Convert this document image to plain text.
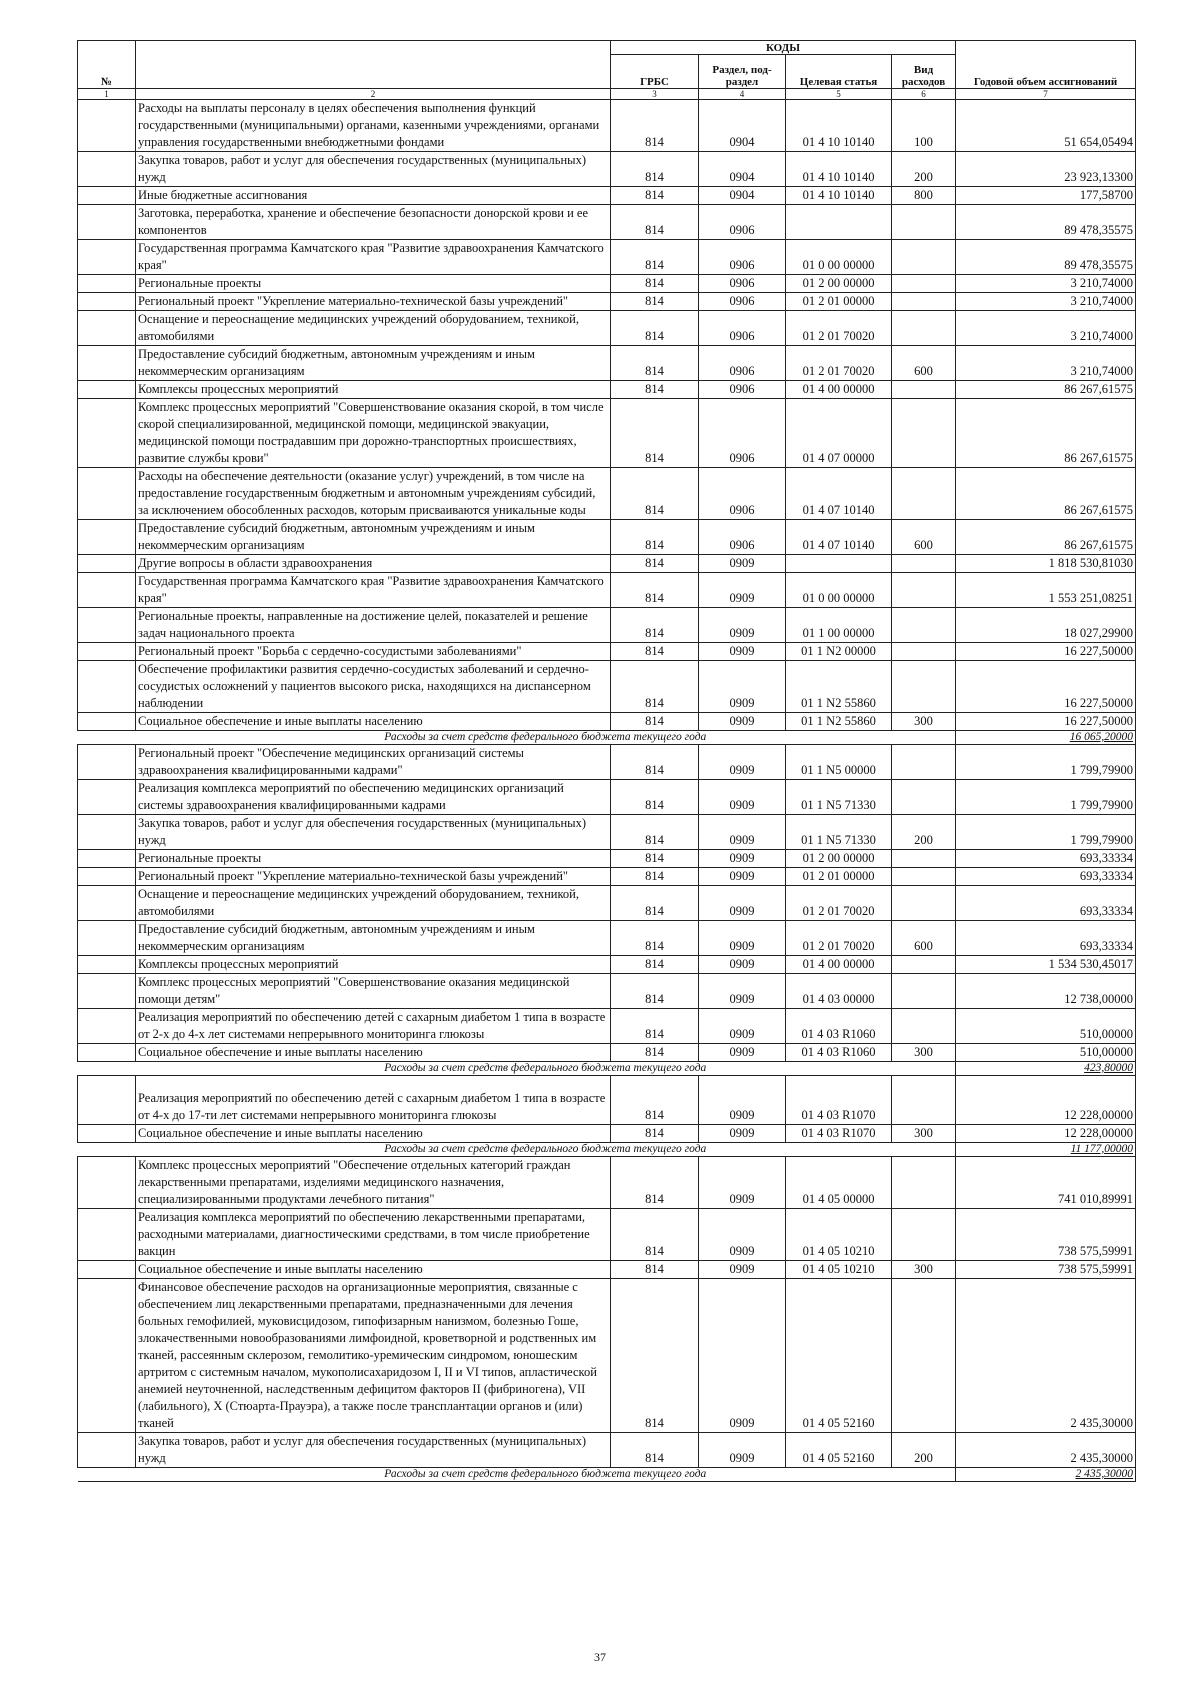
№		КОДЫ				Годовой объем ассигнований
		ГРБС	Раздел, под-раздел	Целевая статья	Вид расходов	
1	2	3	4	5	6	7
	Расходы на выплаты персоналу в целях обеспечения выполнения функций государственными (муниципальными) органами, казенными учреждениями, органами управления государственными внебюджетными фондами	814	0904	01 4 10 10140	100	51 654,05494
	Закупка товаров, работ и услуг для обеспечения государственных (муниципальных) нужд	814	0904	01 4 10 10140	200	23 923,13300
	Иные бюджетные ассигнования	814	0904	01 4 10 10140	800	177,58700
	Заготовка, переработка, хранение и обеспечение безопасности донорской крови и ее компонентов	814	0906			89 478,35575
	Государственная программа Камчатского края "Развитие здравоохранения Камчатского края"	814	0906	01 0 00 00000		89 478,35575
	Региональные проекты	814	0906	01 2 00 00000		3 210,74000
	Региональный проект "Укрепление материально-технической базы учреждений"	814	0906	01 2 01 00000		3 210,74000
	Оснащение и переоснащение медицинских учреждений оборудованием, техникой, автомобилями	814	0906	01 2 01 70020		3 210,74000
	Предоставление субсидий бюджетным, автономным учреждениям и иным некоммерческим организациям	814	0906	01 2 01 70020	600	3 210,74000
	Комплексы процессных мероприятий	814	0906	01 4 00 00000		86 267,61575
	Комплекс процессных мероприятий "Совершенствование оказания скорой, в том числе скорой специализированной, медицинской помощи, медицинской эвакуации, медицинской помощи пострадавшим при дорожно-транспортных происшествиях, развитие службы крови"	814	0906	01 4 07 00000		86 267,61575
	Расходы на обеспечение деятельности (оказание услуг) учреждений, в том числе на предоставление государственным бюджетным и автономным учреждениям субсидий, за исключением обособленных расходов, которым присваиваются уникальные коды	814	0906	01 4 07 10140		86 267,61575
	Предоставление субсидий бюджетным, автономным учреждениям и иным некоммерческим организациям	814	0906	01 4 07 10140	600	86 267,61575
	Другие вопросы в области здравоохранения	814	0909			1 818 530,81030
	Государственная программа Камчатского края "Развитие здравоохранения Камчатского края"	814	0909	01 0 00 00000		1 553 251,08251
	Региональные проекты, направленные на достижение целей, показателей и решение задач национального проекта	814	0909	01 1 00 00000		18 027,29900
	Региональный проект "Борьба с сердечно-сосудистыми заболеваниями"	814	0909	01 1 N2 00000		16 227,50000
	Обеспечение профилактики развития сердечно-сосудистых заболеваний и сердечно-сосудистых осложнений у пациентов высокого риска, находящихся на диспансерном наблюдении	814	0909	01 1 N2 55860		16 227,50000
	Социальное обеспечение и иные выплаты населению	814	0909	01 1 N2 55860	300	16 227,50000
	Расходы за счет средств федерального бюджета текущего года					16 065,20000
	Региональный проект "Обеспечение медицинских организаций системы здравоохранения квалифицированными кадрами"	814	0909	01 1 N5 00000		1 799,79900
	Реализация комплекса мероприятий по обеспечению медицинских организаций системы здравоохранения квалифицированными кадрами	814	0909	01 1 N5 71330		1 799,79900
	Закупка товаров, работ и услуг для обеспечения государственных (муниципальных) нужд	814	0909	01 1 N5 71330	200	1 799,79900
	Региональные проекты	814	0909	01 2 00 00000		693,33334
	Региональный проект "Укрепление материально-технической базы учреждений"	814	0909	01 2 01 00000		693,33334
	Оснащение и переоснащение медицинских учреждений оборудованием, техникой, автомобилями	814	0909	01 2 01 70020		693,33334
	Предоставление субсидий бюджетным, автономным учреждениям и иным некоммерческим организациям	814	0909	01 2 01 70020	600	693,33334
	Комплексы процессных мероприятий	814	0909	01 4 00 00000		1 534 530,45017
	Комплекс процессных мероприятий "Совершенствование оказания медицинской помощи детям"	814	0909	01 4 03 00000		12 738,00000
	Реализация мероприятий по обеспечению детей с сахарным диабетом 1 типа в возрасте от 2-х до 4-х лет системами непрерывного мониторинга глюкозы	814	0909	01 4 03 R1060		510,00000
	Социальное обеспечение и иные выплаты населению	814	0909	01 4 03 R1060	300	510,00000
	Расходы за счет средств федерального бюджета текущего года					423,80000
	Реализация мероприятий по обеспечению детей с сахарным диабетом 1 типа в возрасте от 4-х до 17-ти лет системами непрерывного мониторинга глюкозы	814	0909	01 4 03 R1070		12 228,00000
	Социальное обеспечение и иные выплаты населению	814	0909	01 4 03 R1070	300	12 228,00000
	Расходы за счет средств федерального бюджета текущего года					11 177,00000
	Комплекс процессных мероприятий "Обеспечение отдельных категорий граждан лекарственными препаратами, изделиями медицинского назначения, специализированными продуктами лечебного питания"	814	0909	01 4 05 00000		741 010,89991
	Реализация комплекса мероприятий по обеспечению лекарственными препаратами, расходными материалами, диагностическими средствами, в том числе приобретение вакцин	814	0909	01 4 05 10210		738 575,59991
	Социальное обеспечение и иные выплаты населению	814	0909	01 4 05 10210	300	738 575,59991
	Финансовое обеспечение расходов на организационные мероприятия, связанные с обеспечением лиц лекарственными препаратами, предназначенными для лечения больных гемофилией, муковисцидозом, гипофизарным нанизмом, болезнью Гоше, злокачественными новообразованиями лимфоидной, кроветворной и родственных им тканей, рассеянным склерозом, гемолитико-уремическим синдромом, юношеским артритом с системным началом, мукополисахаридозом I, II и VI типов, апластической анемией неуточненной, наследственным дефицитом факторов II (фибриногена), VII (лабильного), X (Стюарта-Прауэра), а также после трансплантации органов и (или) тканей	814	0909	01 4 05 52160		2 435,30000
	Закупка товаров, работ и услуг для обеспечения государственных (муниципальных) нужд	814	0909	01 4 05 52160	200	2 435,30000
	Расходы за счет средств федерального бюджета текущего года					2 435,30000
37
